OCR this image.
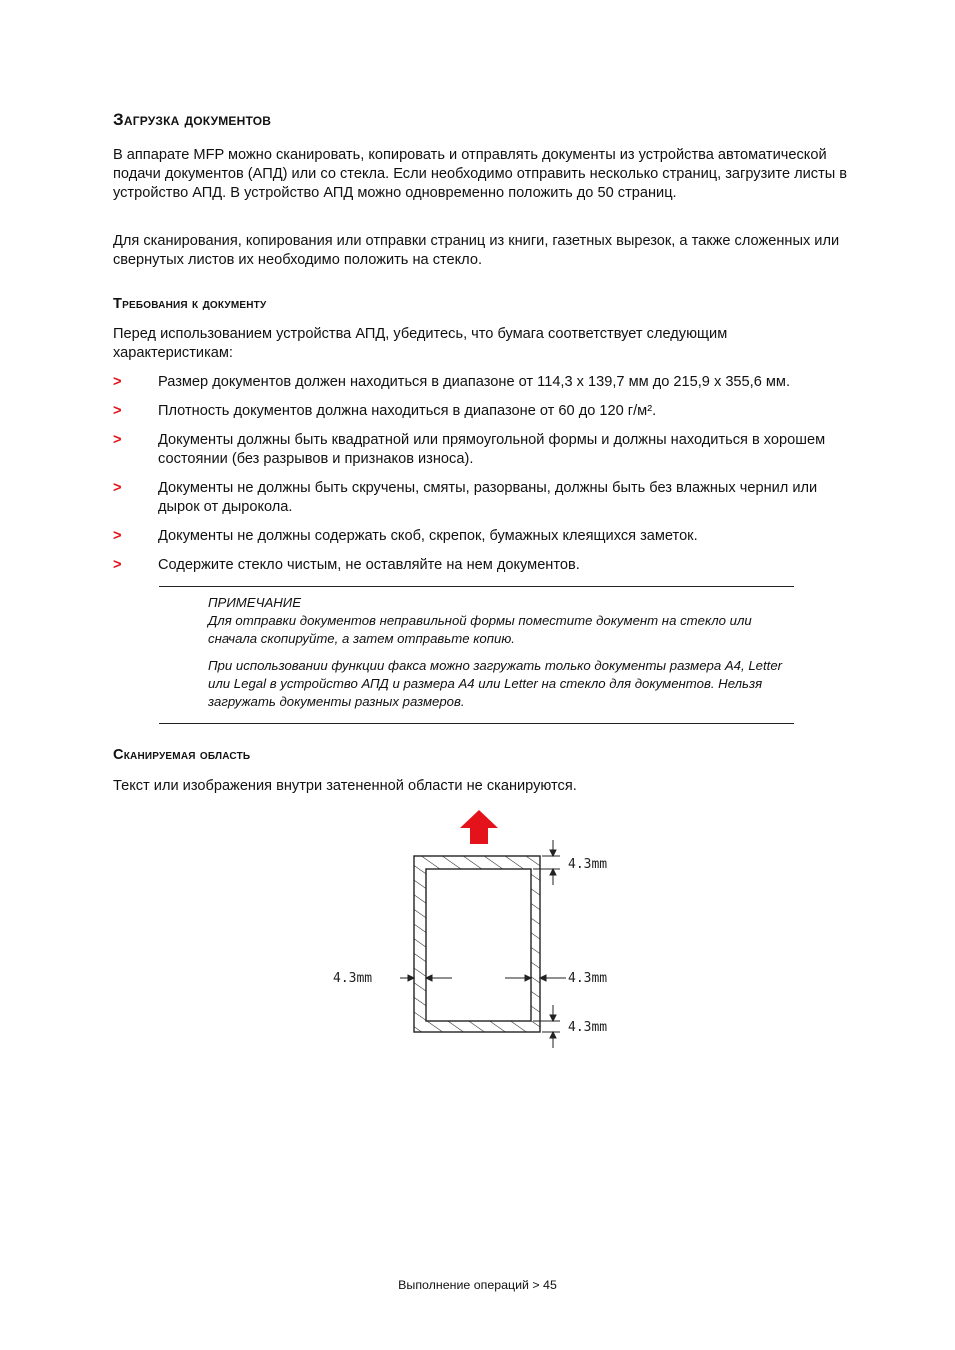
Загрузка документов

В аппарате MFP можно сканировать, копировать и отправлять документы из устройства автоматической подачи документов (АПД) или со стекла. Если необходимо отправить несколько страниц, загрузите листы в устройство АПД. В устройство АПД можно одновременно положить до 50 страниц.

Для сканирования, копирования или отправки страниц из книги, газетных вырезок, а также сложенных или свернутых листов их необходимо положить на стекло.

Требования к документу

Перед использованием устройства АПД, убедитесь, что бумага соответствует следующим характеристикам:

> Размер документов должен находиться в диапазоне от 114,3 x 139,7 мм до 215,9 x 355,6 мм.
> Плотность документов должна находиться в диапазоне от 60 до 120 г/м².
> Документы должны быть квадратной или прямоугольной формы и должны находиться в хорошем состоянии (без разрывов и признаков износа).
> Документы не должны быть скручены, смяты, разорваны, должны быть без влажных чернил или дырок от дырокола.
> Документы не должны содержать скоб, скрепок, бумажных клеящихся заметок.
> Содержите стекло чистым, не оставляйте на нем документов.

ПРИМЕЧАНИЕ

Для отправки документов неправильной формы поместите документ на стекло или сначала скопируйте, а затем отправьте копию.

При использовании функции факса можно загружать только документы размера A4, Letter или Legal в устройство АПД и размера A4 или Letter на стекло для документов. Нельзя загружать документы разных размеров.

Сканируемая область

Текст или изображения внутри затененной области не сканируются.

4.3mm
4.3mm
4.3mm	4.3mm
Выполнение операций > 45
